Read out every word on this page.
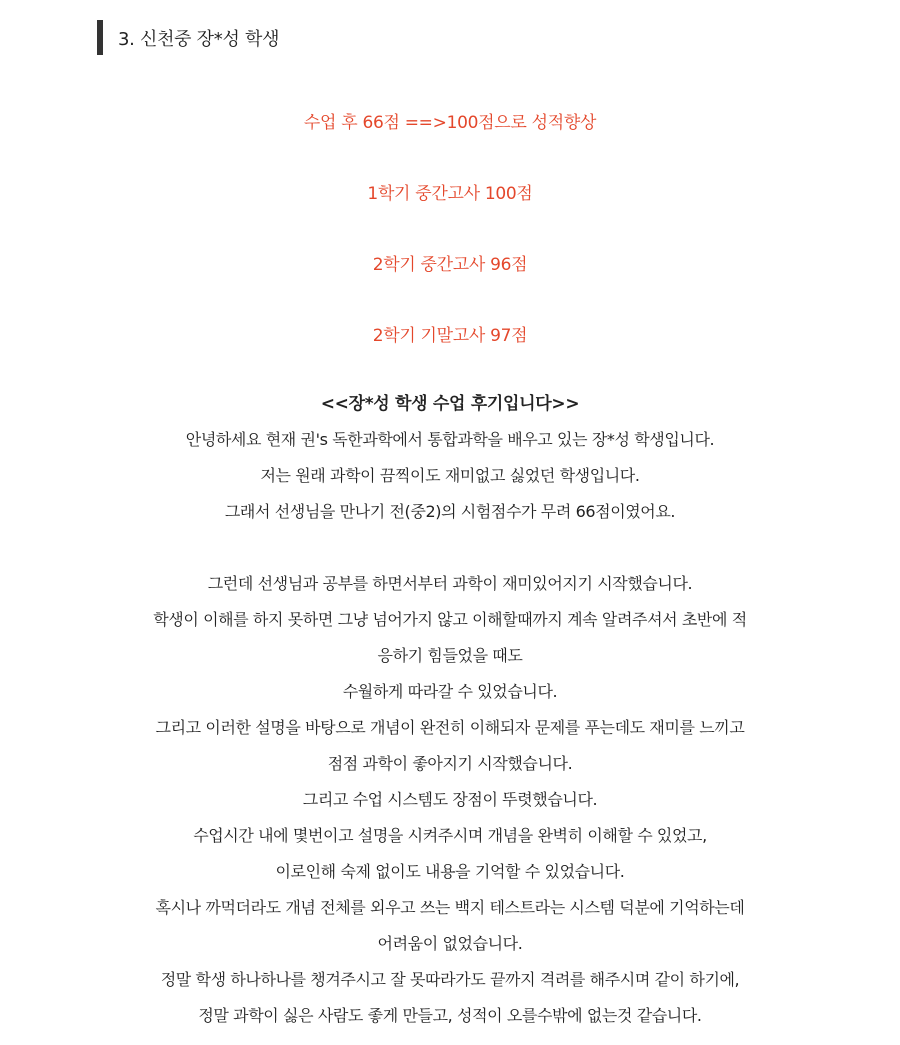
3. 신천중 장*성 학생
수업 후 66점 ==>100점으로 성적향상
1학기 중간고사 100점
2학기 중간고사 96점
2학기 기말고사 97점
<<장*성 학생 수업 후기입니다>>
안녕하세요 현재 권's 독한과학에서 통합과학을 배우고 있는 장*성 학생입니다.
저는 원래 과학이 끔찍이도 재미없고 싫었던 학생입니다.
그래서 선생님을 만나기 전(중2)의 시험점수가 무려 66점이였어요.
그런데 선생님과 공부를 하면서부터 과학이 재미있어지기 시작했습니다.
학생이 이해를 하지 못하면 그냥 넘어가지 않고 이해할때까지 계속 알려주셔서 초반에 적
응하기 힘들었을 때도
수월하게 따라갈 수 있었습니다.
그리고 이러한 설명을 바탕으로 개념이 완전히 이해되자 문제를 푸는데도 재미를 느끼고
점점 과학이 좋아지기 시작했습니다.
그리고 수업 시스템도 장점이 뚜렷했습니다.
수업시간 내에 몇번이고 설명을 시켜주시며 개념을 완벽히 이해할 수 있었고,
이로인해 숙제 없이도 내용을 기억할 수 있었습니다.
혹시나 까먹더라도 개념 전체를 외우고 쓰는 백지 테스트라는 시스템 덕분에 기억하는데
어려움이 없었습니다.
정말 학생 하나하나를 챙겨주시고 잘 못따라가도 끝까지 격려를 해주시며 같이 하기에,
정말 과학이 싫은 사람도 좋게 만들고, 성적이 오를수밖에 없는것 같습니다.
